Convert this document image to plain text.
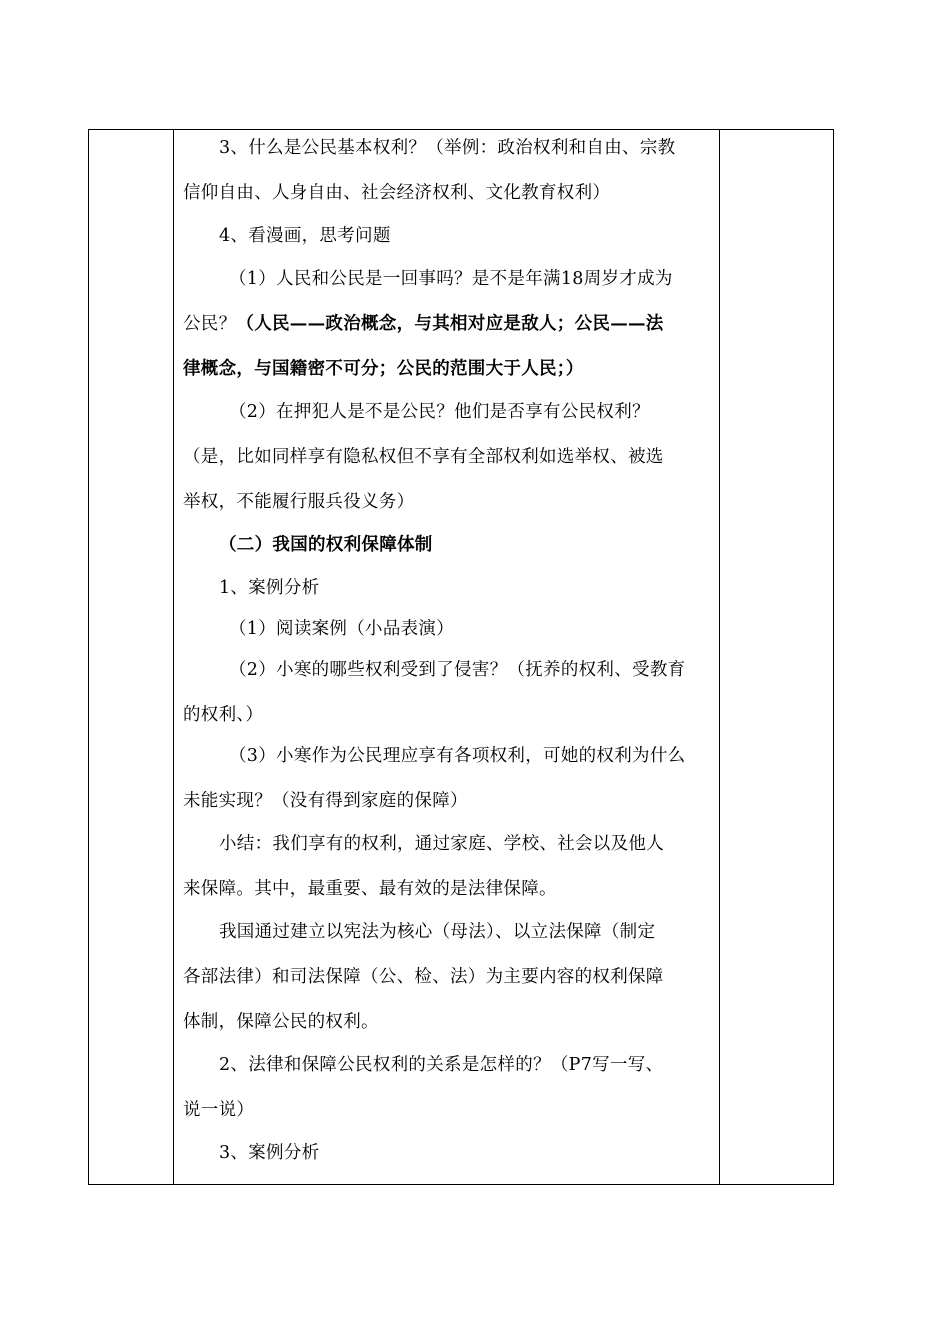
3、什么是公民基本权利？（举例：政治权利和自由、宗教
信仰自由、人身自由、社会经济权利、文化教育权利）
4、看漫画，思考问题
（1）人民和公民是一回事吗？是不是年满18周岁才成为
公民？（人民——政治概念，与其相对应是敌人；公民——法
律概念，与国籍密不可分；公民的范围大于人民；）
（2）在押犯人是不是公民？他们是否享有公民权利？
（是，比如同样享有隐私权但不享有全部权利如选举权、被选
举权，不能履行服兵役义务）
（二）我国的权利保障体制
1、案例分析
（1）阅读案例（小品表演）
（2）小寒的哪些权利受到了侵害？（抚养的权利、受教育
的权利、）
（3）小寒作为公民理应享有各项权利，可她的权利为什么
未能实现？（没有得到家庭的保障）
小结：我们享有的权利，通过家庭、学校、社会以及他人
来保障。其中，最重要、最有效的是法律保障。
我国通过建立以宪法为核心（母法）、以立法保障（制定
各部法律）和司法保障（公、检、法）为主要内容的权利保障
体制，保障公民的权利。
2、法律和保障公民权利的关系是怎样的？（P7写一写、
说一说）
3、案例分析
